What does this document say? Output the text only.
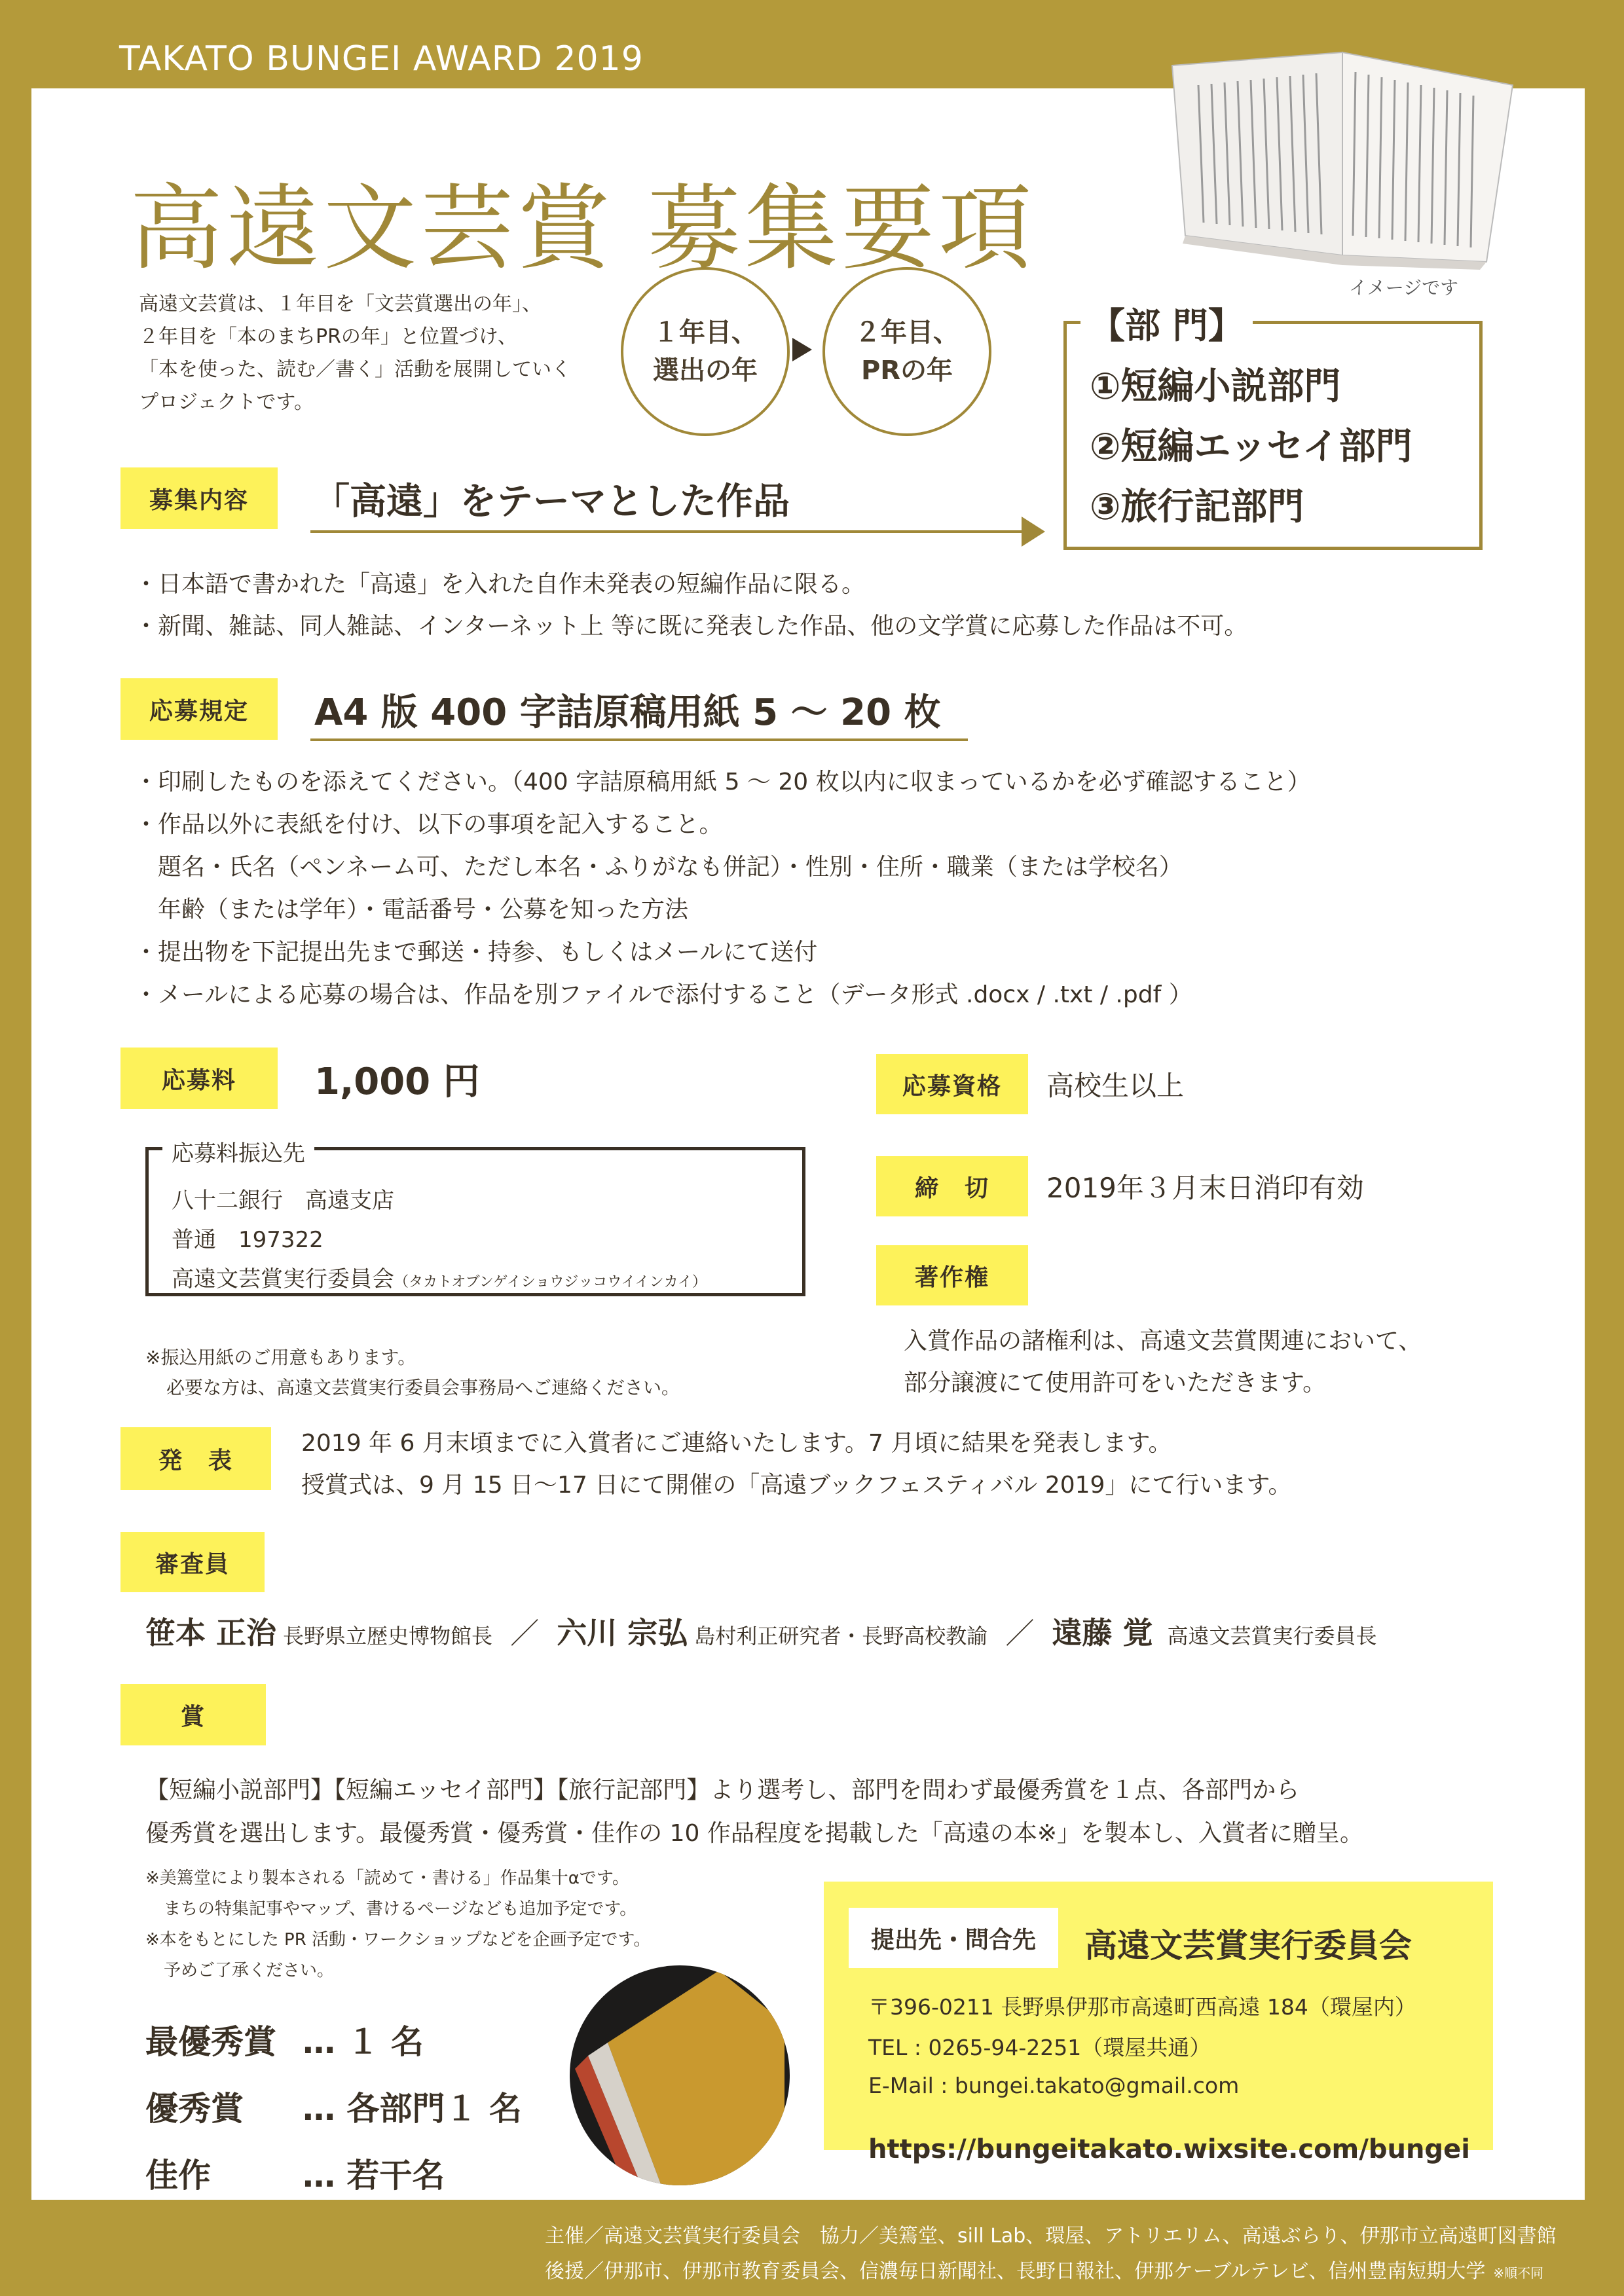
TAKATO BUNGEI AWARD 2019
イメージです
高遠文芸賞 募集要項
高遠文芸賞は、１年目を「文芸賞選出の年」、
２年目を「本のまちPRの年」と位置づけ、
「本を使った、読む／書く」活動を展開していく
プロジェクトです。
１年目、
選出の年
２年目、
PRの年
【部 門】
①短編小説部門
②短編エッセイ部門
③旅行記部門
募集内容	「高遠」をテーマとした作品
・日本語で書かれた「高遠」を入れた自作未発表の短編作品に限る。
・新聞、雑誌、同人雑誌、インターネット上 等に既に発表した作品、他の文学賞に応募した作品は不可。
応募規定	A4 版 400 字詰原稿用紙 5 ～ 20 枚
・印刷したものを添えてください。（400 字詰原稿用紙 5 ～ 20 枚以内に収まっているかを必ず確認すること）
・作品以外に表紙を付け、以下の事項を記入すること。
　題名・氏名（ペンネーム可、ただし本名・ふりがなも併記）・性別・住所・職業（または学校名）
　年齢（または学年）・電話番号・公募を知った方法
・提出物を下記提出先まで郵送・持参、もしくはメールにて送付
・メールによる応募の場合は、作品を別ファイルで添付すること（データ形式 .docx / .txt / .pdf ）
応募料	1,000 円
応募料振込先
八十二銀行　高遠支店
普通　197322
高遠文芸賞実行委員会（タカトオブンゲイショウジッコウイインカイ）
※振込用紙のご用意もあります。
必要な方は、高遠文芸賞実行委員会事務局へご連絡ください。
応募資格	高校生以上
締　切	2019年３月末日消印有効
著作権
入賞作品の諸権利は、高遠文芸賞関連において、
部分譲渡にて使用許可をいただきます。
発　表
2019 年 6 月末頃までに入賞者にご連絡いたします。7 月頃に結果を発表します。
授賞式は、9 月 15 日～17 日にて開催の「高遠ブックフェスティバル 2019」にて行います。
審査員
笹本 正治 長野県立歴史博物館長 ／ 六川 宗弘 島村利正研究者・長野高校教諭 ／ 遠藤 覚 高遠文芸賞実行委員長
賞
【短編小説部門】【短編エッセイ部門】【旅行記部門】より選考し、部門を問わず最優秀賞を１点、各部門から
優秀賞を選出します。最優秀賞・優秀賞・佳作の 10 作品程度を掲載した「高遠の本※」を製本し、入賞者に贈呈。
※美篶堂により製本される「読めて・書ける」作品集十αです。
まちの特集記事やマップ、書けるページなども追加予定です。
※本をもとにした PR 活動・ワークショップなどを企画予定です。
予めご了承ください。
最優秀賞 … １ 名
優秀賞 … 各部門１ 名
佳作	… 若干名
提出先・問合先	高遠文芸賞実行委員会
〒396-0211 長野県伊那市高遠町西高遠 184（環屋内）
TEL : 0265-94-2251（環屋共通）
E-Mail : bungei.takato@gmail.com
https://bungeitakato.wixsite.com/bungei
主催／高遠文芸賞実行委員会　協力／美篶堂、sill Lab、環屋、アトリエリム、高遠ぶらり、伊那市立高遠町図書館
後援／伊那市、伊那市教育委員会、信濃毎日新聞社、長野日報社、伊那ケーブルテレビ、信州豊南短期大学 ※順不同
